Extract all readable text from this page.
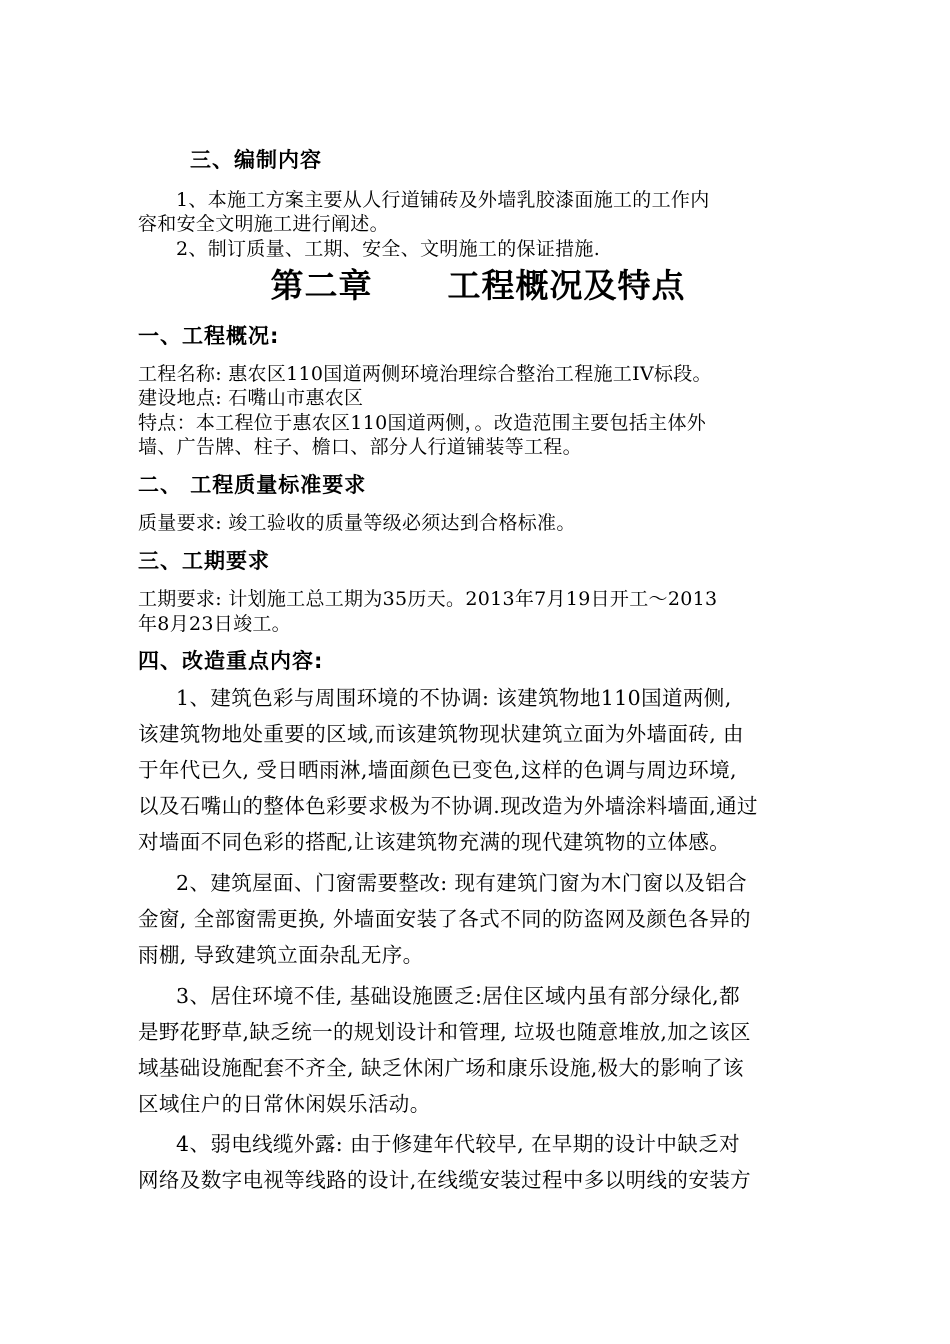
三、编制内容
1、本施工方案主要从人行道铺砖及外墙乳胶漆面施工的工作内
容和安全文明施工进行阐述。
2、制订质量、工期、安全、文明施工的保证措施.
第二章      工程概况及特点
一、工程概况:
工程名称: 惠农区110国道两侧环境治理综合整治工程施工IV标段。
建设地点: 石嘴山市惠农区
特点：本工程位于惠农区110国道两侧，。改造范围主要包括主体外
墙、广告牌、柱子、檐口、部分人行道铺装等工程。
二、 工程质量标准要求
质量要求: 竣工验收的质量等级必须达到合格标准。
三、工期要求
工期要求: 计划施工总工期为35历天。2013年7月19日开工～2013
年8月23日竣工。
四、改造重点内容:
1、建筑色彩与周围环境的不协调: 该建筑物地110国道两侧,
该建筑物地处重要的区域,而该建筑物现状建筑立面为外墙面砖, 由
于年代已久, 受日晒雨淋,墙面颜色已变色,这样的色调与周边环境,
以及石嘴山的整体色彩要求极为不协调.现改造为外墙涂料墙面,通过
对墙面不同色彩的搭配,让该建筑物充满的现代建筑物的立体感。
2、建筑屋面、门窗需要整改: 现有建筑门窗为木门窗以及铝合
金窗, 全部窗需更换, 外墙面安装了各式不同的防盗网及颜色各异的
雨棚, 导致建筑立面杂乱无序。
3、居住环境不佳, 基础设施匮乏:居住区域内虽有部分绿化,都
是野花野草,缺乏统一的规划设计和管理, 垃圾也随意堆放,加之该区
域基础设施配套不齐全, 缺乏休闲广场和康乐设施,极大的影响了该
区域住户的日常休闲娱乐活动。
4、弱电线缆外露: 由于修建年代较早, 在早期的设计中缺乏对
网络及数字电视等线路的设计,在线缆安装过程中多以明线的安装方
